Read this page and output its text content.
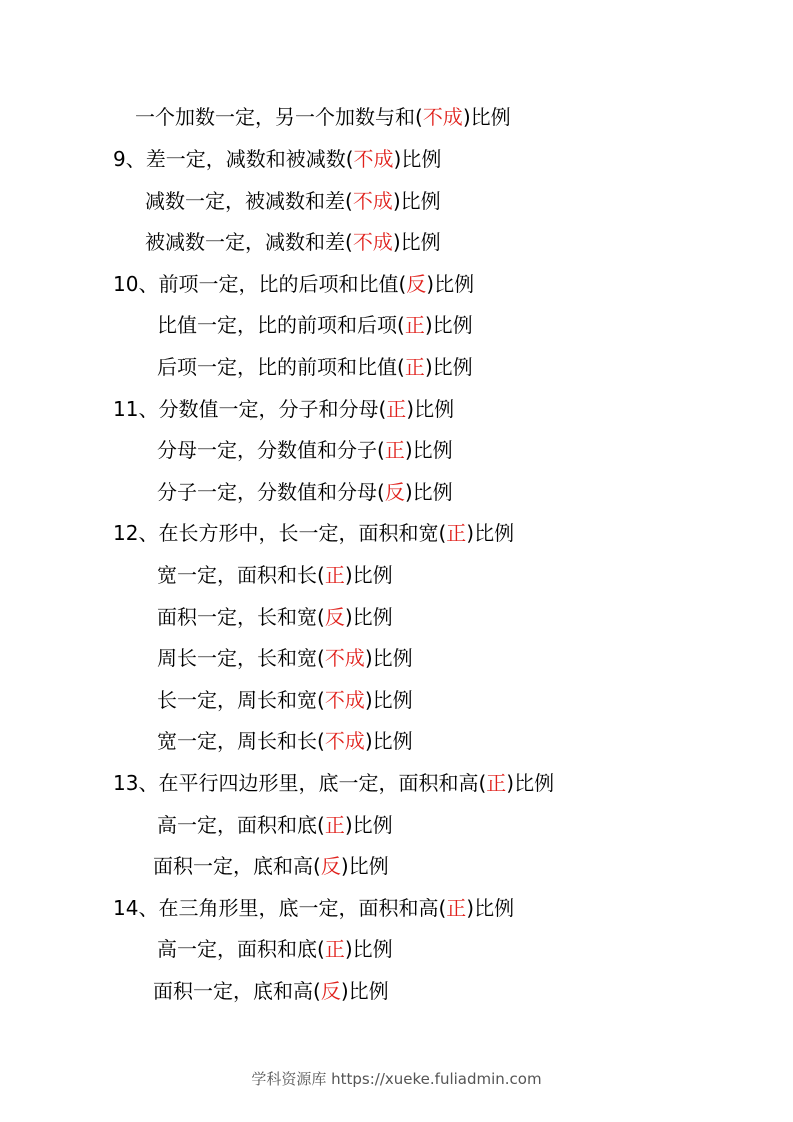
一个加数一定，另一个加数与和(不成)比例
9、差一定，减数和被减数(不成)比例
减数一定，被减数和差(不成)比例
被减数一定，减数和差(不成)比例
10、前项一定，比的后项和比值(反)比例
比值一定，比的前项和后项(正)比例
后项一定，比的前项和比值(正)比例
11、分数值一定，分子和分母(正)比例
分母一定，分数值和分子(正)比例
分子一定，分数值和分母(反)比例
12、在长方形中，长一定，面积和宽(正)比例
宽一定，面积和长(正)比例
面积一定，长和宽(反)比例
周长一定，长和宽(不成)比例
长一定，周长和宽(不成)比例
宽一定，周长和长(不成)比例
13、在平行四边形里，底一定，面积和高(正)比例
高一定，面积和底(正)比例
面积一定，底和高(反)比例
14、在三角形里，底一定，面积和高(正)比例
高一定，面积和底(正)比例
面积一定，底和高(反)比例
学科资源库 https://xueke.fuliadmin.com
